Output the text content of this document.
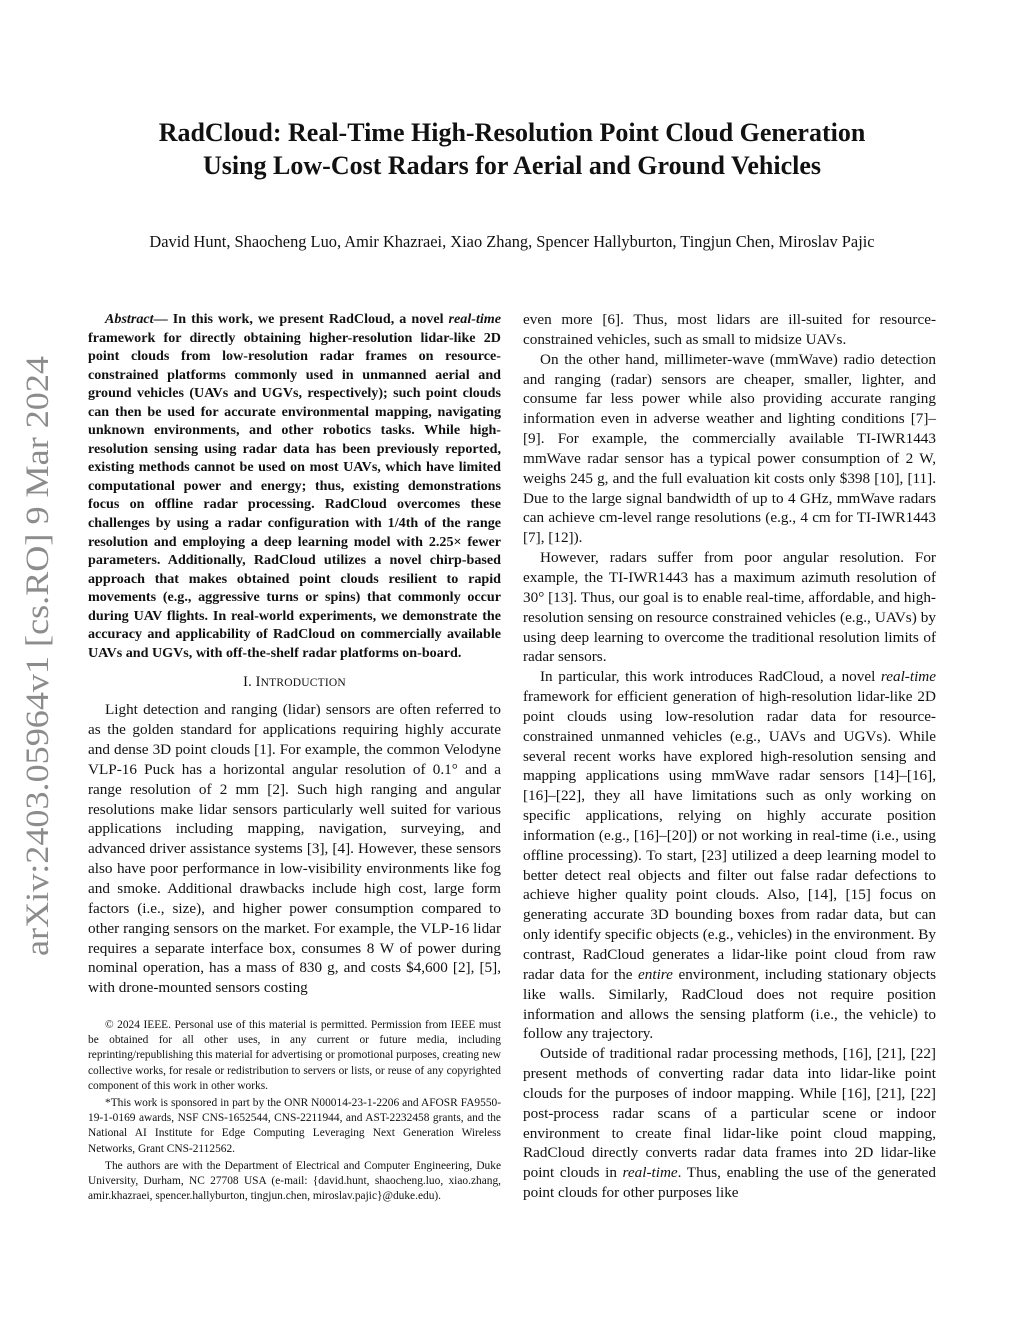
arXiv:2403.05964v1 [cs.RO] 9 Mar 2024
RadCloud: Real-Time High-Resolution Point Cloud Generation
Using Low-Cost Radars for Aerial and Ground Vehicles
David Hunt, Shaocheng Luo, Amir Khazraei, Xiao Zhang, Spencer Hallyburton, Tingjun Chen, Miroslav Pajic

Abstract— In this work, we present RadCloud, a novel real-time framework for directly obtaining higher-resolution lidar-like 2D point clouds from low-resolution radar frames on resource-constrained platforms commonly used in unmanned aerial and ground vehicles (UAVs and UGVs, respectively); such point clouds can then be used for accurate environmental mapping, navigating unknown environments, and other robotics tasks. While high-resolution sensing using radar data has been previously reported, existing methods cannot be used on most UAVs, which have limited computational power and energy; thus, existing demonstrations focus on offline radar processing. RadCloud overcomes these challenges by using a radar configuration with 1/4th of the range resolution and employing a deep learning model with 2.25× fewer parameters. Additionally, RadCloud utilizes a novel chirp-based approach that makes obtained point clouds resilient to rapid movements (e.g., aggressive turns or spins) that commonly occur during UAV flights. In real-world experiments, we demonstrate the accuracy and applicability of RadCloud on commercially available UAVs and UGVs, with off-the-shelf radar platforms on-board.

I. INTRODUCTION

Light detection and ranging (lidar) sensors are often referred to as the golden standard for applications requiring highly accurate and dense 3D point clouds [1]. For example, the common Velodyne VLP-16 Puck has a horizontal angular resolution of 0.1° and a range resolution of 2 mm [2]. Such high ranging and angular resolutions make lidar sensors particularly well suited for various applications including mapping, navigation, surveying, and advanced driver assistance systems [3], [4]. However, these sensors also have poor performance in low-visibility environments like fog and smoke. Additional drawbacks include high cost, large form factors (i.e., size), and higher power consumption compared to other ranging sensors on the market. For example, the VLP-16 lidar requires a separate interface box, consumes 8 W of power during nominal operation, has a mass of 830 g, and costs $4,600 [2], [5], with drone-mounted sensors costing

© 2024 IEEE. Personal use of this material is permitted. Permission from IEEE must be obtained for all other uses, in any current or future media, including reprinting/republishing this material for advertising or promotional purposes, creating new collective works, for resale or redistribution to servers or lists, or reuse of any copyrighted component of this work in other works.

*This work is sponsored in part by the ONR N00014-23-1-2206 and AFOSR FA9550-19-1-0169 awards, NSF CNS-1652544, CNS-2211944, and AST-2232458 grants, and the National AI Institute for Edge Computing Leveraging Next Generation Wireless Networks, Grant CNS-2112562.

The authors are with the Department of Electrical and Computer Engineering, Duke University, Durham, NC 27708 USA (e-mail: {david.hunt, shaocheng.luo, xiao.zhang, amir.khazraei, spencer.hallyburton, tingjun.chen, miroslav.pajic}@duke.edu).

even more [6]. Thus, most lidars are ill-suited for resource-constrained vehicles, such as small to midsize UAVs.

On the other hand, millimeter-wave (mmWave) radio detection and ranging (radar) sensors are cheaper, smaller, lighter, and consume far less power while also providing accurate ranging information even in adverse weather and lighting conditions [7]–[9]. For example, the commercially available TI-IWR1443 mmWave radar sensor has a typical power consumption of 2 W, weighs 245 g, and the full evaluation kit costs only $398 [10], [11]. Due to the large signal bandwidth of up to 4 GHz, mmWave radars can achieve cm-level range resolutions (e.g., 4 cm for TI-IWR1443 [7], [12]).

However, radars suffer from poor angular resolution. For example, the TI-IWR1443 has a maximum azimuth resolution of 30° [13]. Thus, our goal is to enable real-time, affordable, and high-resolution sensing on resource constrained vehicles (e.g., UAVs) by using deep learning to overcome the traditional resolution limits of radar sensors.

In particular, this work introduces RadCloud, a novel real-time framework for efficient generation of high-resolution lidar-like 2D point clouds using low-resolution radar data for resource-constrained unmanned vehicles (e.g., UAVs and UGVs). While several recent works have explored high-resolution sensing and mapping applications using mmWave radar sensors [14]–[16], [16]–[22], they all have limitations such as only working on specific applications, relying on highly accurate position information (e.g., [16]–[20]) or not working in real-time (i.e., using offline processing). To start, [23] utilized a deep learning model to better detect real objects and filter out false radar defections to achieve higher quality point clouds. Also, [14], [15] focus on generating accurate 3D bounding boxes from radar data, but can only identify specific objects (e.g., vehicles) in the environment. By contrast, RadCloud generates a lidar-like point cloud from raw radar data for the entire environment, including stationary objects like walls. Similarly, RadCloud does not require position information and allows the sensing platform (i.e., the vehicle) to follow any trajectory.

Outside of traditional radar processing methods, [16], [21], [22] present methods of converting radar data into lidar-like point clouds for the purposes of indoor mapping. While [16], [21], [22] post-process radar scans of a particular scene or indoor environment to create final lidar-like point cloud mapping, RadCloud directly converts radar data frames into 2D lidar-like point clouds in real-time. Thus, enabling the use of the generated point clouds for other purposes like
